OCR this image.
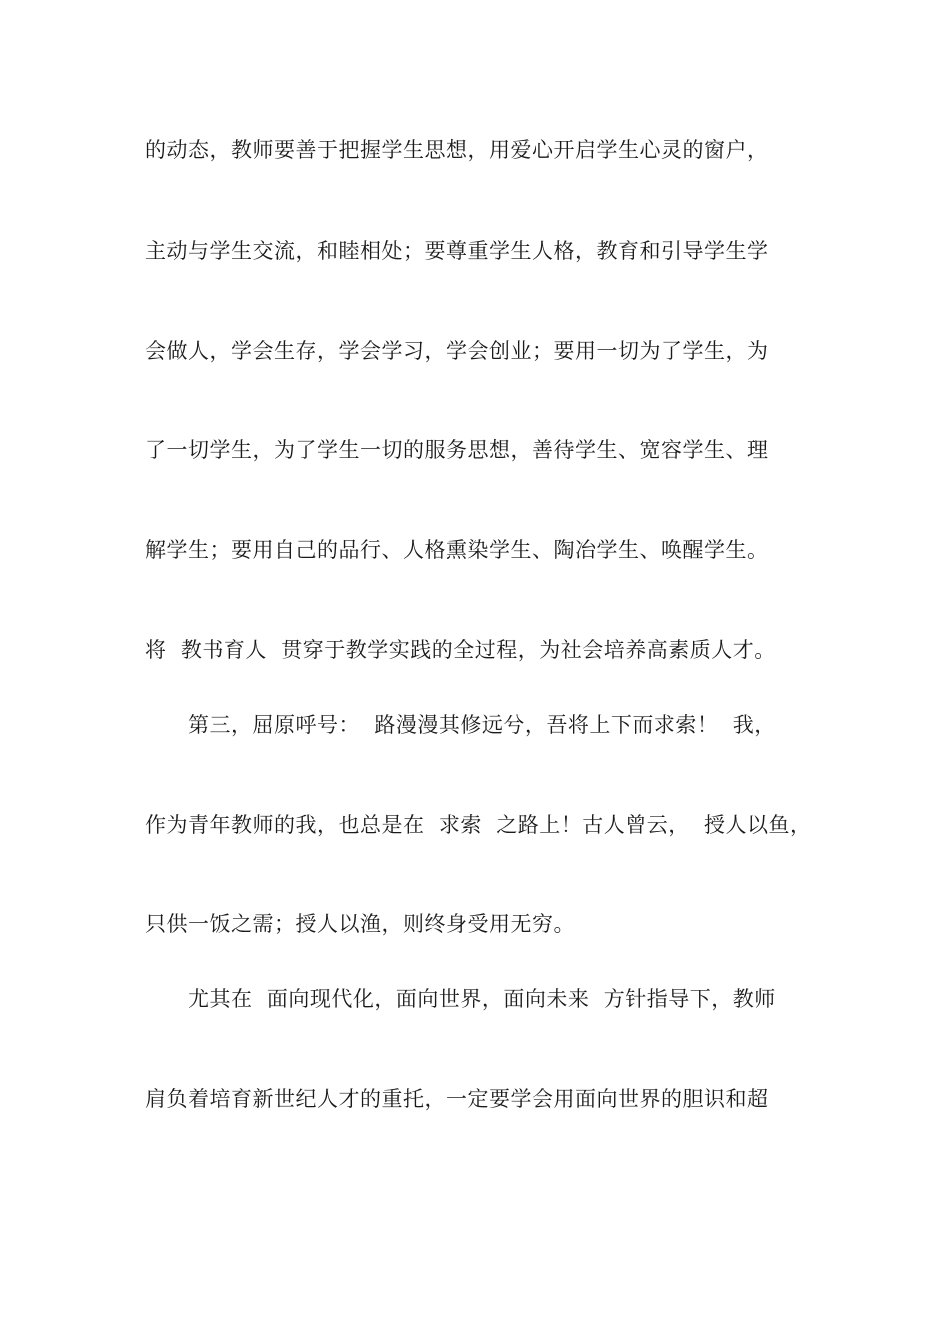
的动态，教师要善于把握学生思想，用爱心开启学生心灵的窗户，
主动与学生交流，和睦相处；要尊重学生人格，教育和引导学生学
会做人，学会生存，学会学习，学会创业；要用一切为了学生，为
了一切学生，为了学生一切的服务思想，善待学生、宽容学生、理
解学生；要用自己的品行、人格熏染学生、陶冶学生、唤醒学生。
将  教书育人  贯穿于教学实践的全过程，为社会培养高素质人才。
第三，屈原呼号：  路漫漫其修远兮，吾将上下而求索！  我，
作为青年教师的我，也总是在  求索  之路上！古人曾云，  授人以鱼，
只供一饭之需；授人以渔，则终身受用无穷。
尤其在  面向现代化，面向世界，面向未来  方针指导下，教师
肩负着培育新世纪人才的重托，一定要学会用面向世界的胆识和超
